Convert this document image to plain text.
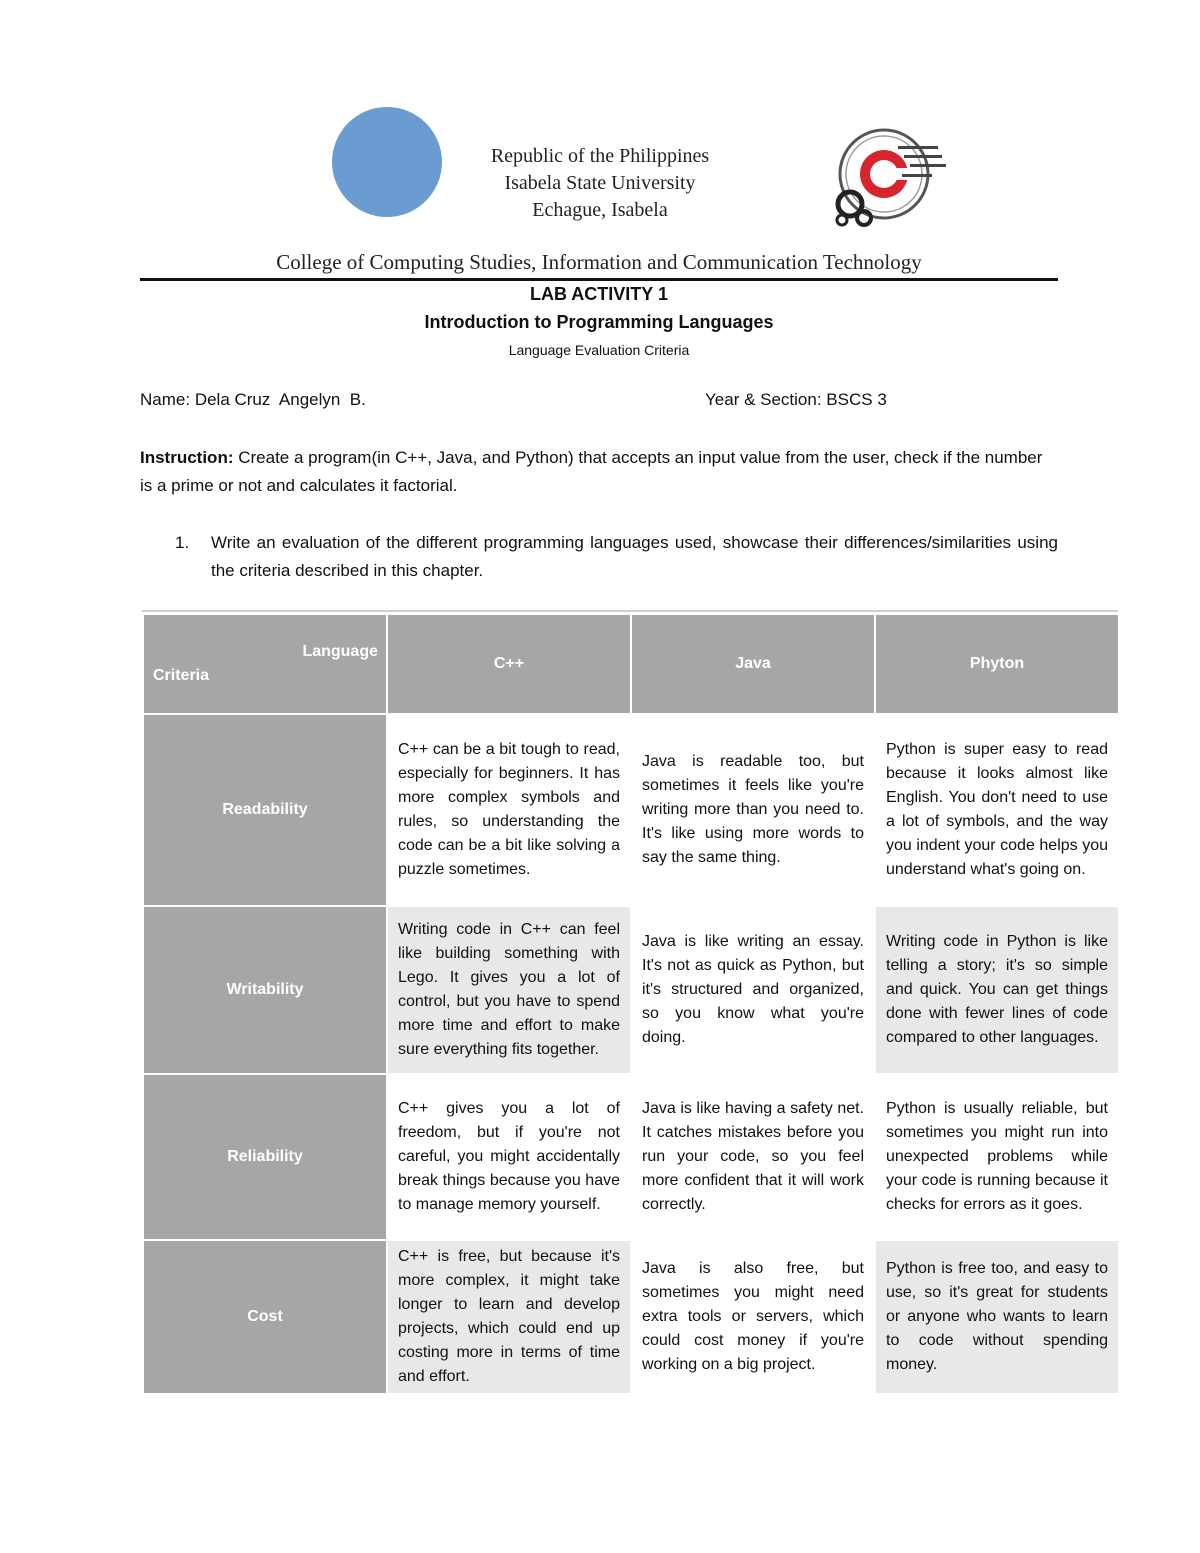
Republic of the Philippines
Isabela State University
Echague, Isabela
College of Computing Studies, Information and Communication Technology
LAB ACTIVITY 1
Introduction to Programming Languages
Language Evaluation Criteria
Name: Dela Cruz  Angelyn  B.	Year & Section: BSCS 3
Instruction: Create a program(in C++, Java, and Python) that accepts an input value from the user, check if the number is a prime or not and calculates it factorial.
1. Write an evaluation of the different programming languages used, showcase their differences/similarities using the criteria described in this chapter.
Language
Criteria	C++	Java	Phyton
Readability	C++ can be a bit tough to read, especially for beginners. It has more complex symbols and rules, so understanding the code can be a bit like solving a puzzle sometimes.	Java is readable too, but sometimes it feels like you're writing more than you need to. It's like using more words to say the same thing.	Python is super easy to read because it looks almost like English. You don't need to use a lot of symbols, and the way you indent your code helps you understand what's going on.
Writability	Writing code in C++ can feel like building something with Lego. It gives you a lot of control, but you have to spend more time and effort to make sure everything fits together.	Java is like writing an essay. It's not as quick as Python, but it's structured and organized, so you know what you're doing.	Writing code in Python is like telling a story; it's so simple and quick. You can get things done with fewer lines of code compared to other languages.
Reliability	C++ gives you a lot of freedom, but if you're not careful, you might accidentally break things because you have to manage memory yourself.	Java is like having a safety net. It catches mistakes before you run your code, so you feel more confident that it will work correctly.	Python is usually reliable, but sometimes you might run into unexpected problems while your code is running because it checks for errors as it goes.
Cost	C++ is free, but because it's more complex, it might take longer to learn and develop projects, which could end up costing more in terms of time and effort.	Java is also free, but sometimes you might need extra tools or servers, which could cost money if you're working on a big project.	Python is free too, and easy to use, so it's great for students or anyone who wants to learn to code without spending money.
